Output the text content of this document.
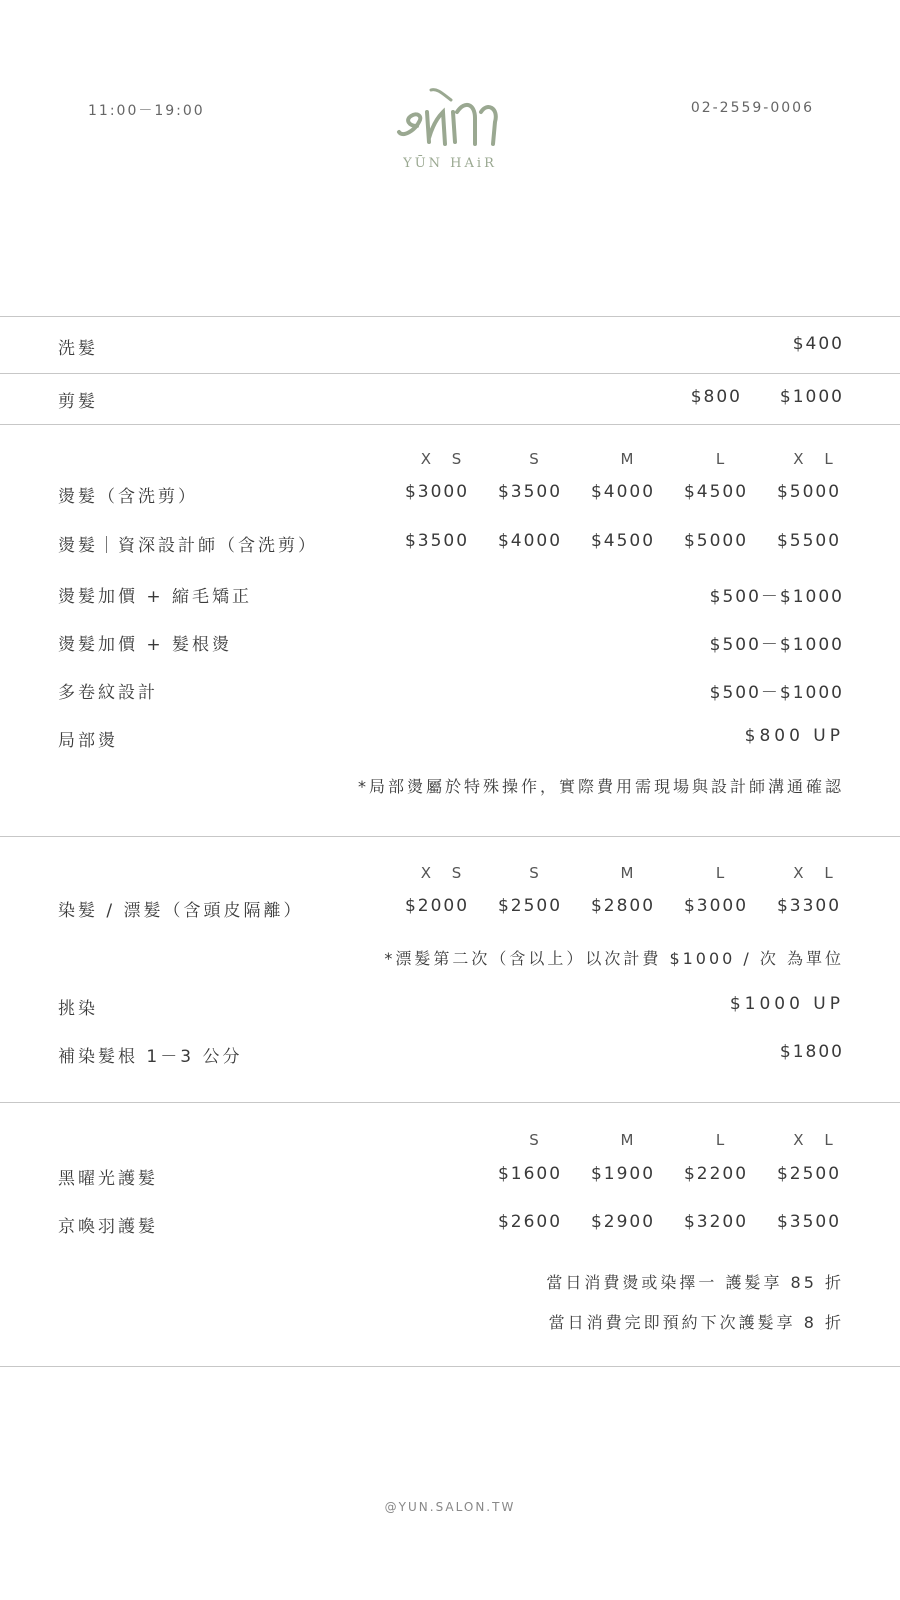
11:00－19:00	02-2559-0006
YŪN HAiR
洗髮	$400
剪髮	$800 $1000
X S	S	M	L	X L
燙髮（含洗剪）	$3000	$3500	$4000	$4500	$5000
燙髮｜資深設計師（含洗剪）	$3500	$4000	$4500	$5000	$5500
燙髮加價 + 縮毛矯正	$500－$1000
燙髮加價 + 髮根燙	$500－$1000
多卷紋設計	$500－$1000
局部燙	$800 UP
*局部燙屬於特殊操作，實際費用需現場與設計師溝通確認
X S	S	M	L	X L
染髮 / 漂髮（含頭皮隔離）	$2000	$2500	$2800	$3000	$3300
*漂髮第二次（含以上）以次計費 $1000 / 次 為單位
挑染	$1000 UP
補染髮根 1－3 公分	$1800
S	M	L	X L
黑曜光護髮	$1600	$1900	$2200	$2500
京喚羽護髮	$2600	$2900	$3200	$3500
當日消費燙或染擇一 護髮享 85 折
當日消費完即預約下次護髮享 8 折
@YUN.SALON.TW
